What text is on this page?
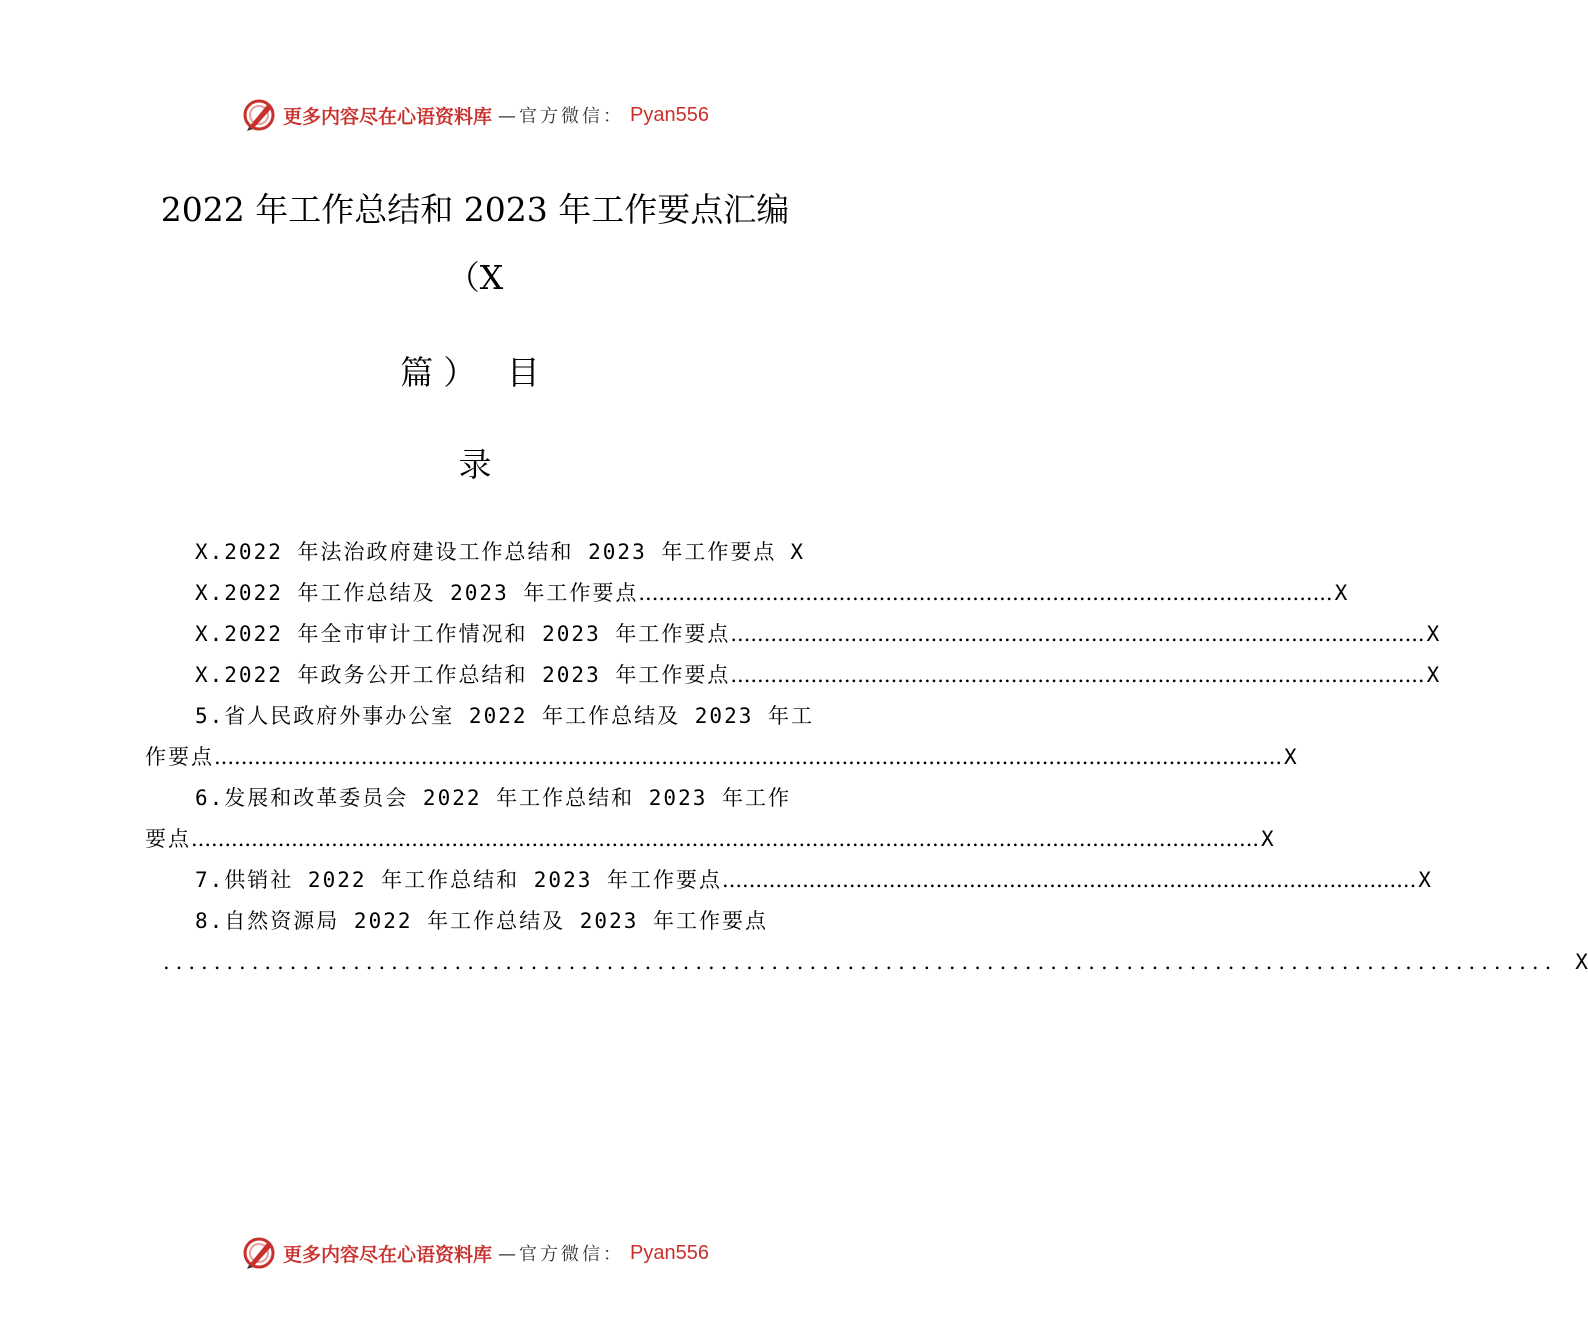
更多内容尽在心语资料库 —官方微信： Pyan556
2022 年工作总结和 2023 年工作要点汇编
（X
篇） 目
录
X.2022 年法治政府建设工作总结和 2023 年工作要点 X
X.2022 年工作总结及 2023 年工作要点 ........................................................................................................ X
X.2022 年全市审计工作情况和 2023 年工作要点 ........................................................................................................ X
X.2022 年政务公开工作总结和 2023 年工作要点 ........................................................................................................ X
5.省人民政府外事办公室 2022 年工作总结及 2023 年工
作要点 ................................................................................................................................................................ X
6.发展和改革委员会 2022 年工作总结和 2023 年工作
要点 ................................................................................................................................................................ X
7.供销社 2022 年工作总结和 2023 年工作要点 ........................................................................................................ X
8.自然资源局 2022 年工作总结及 2023 年工作要点
.............................................................................................................. X
更多内容尽在心语资料库 —官方微信： Pyan556
